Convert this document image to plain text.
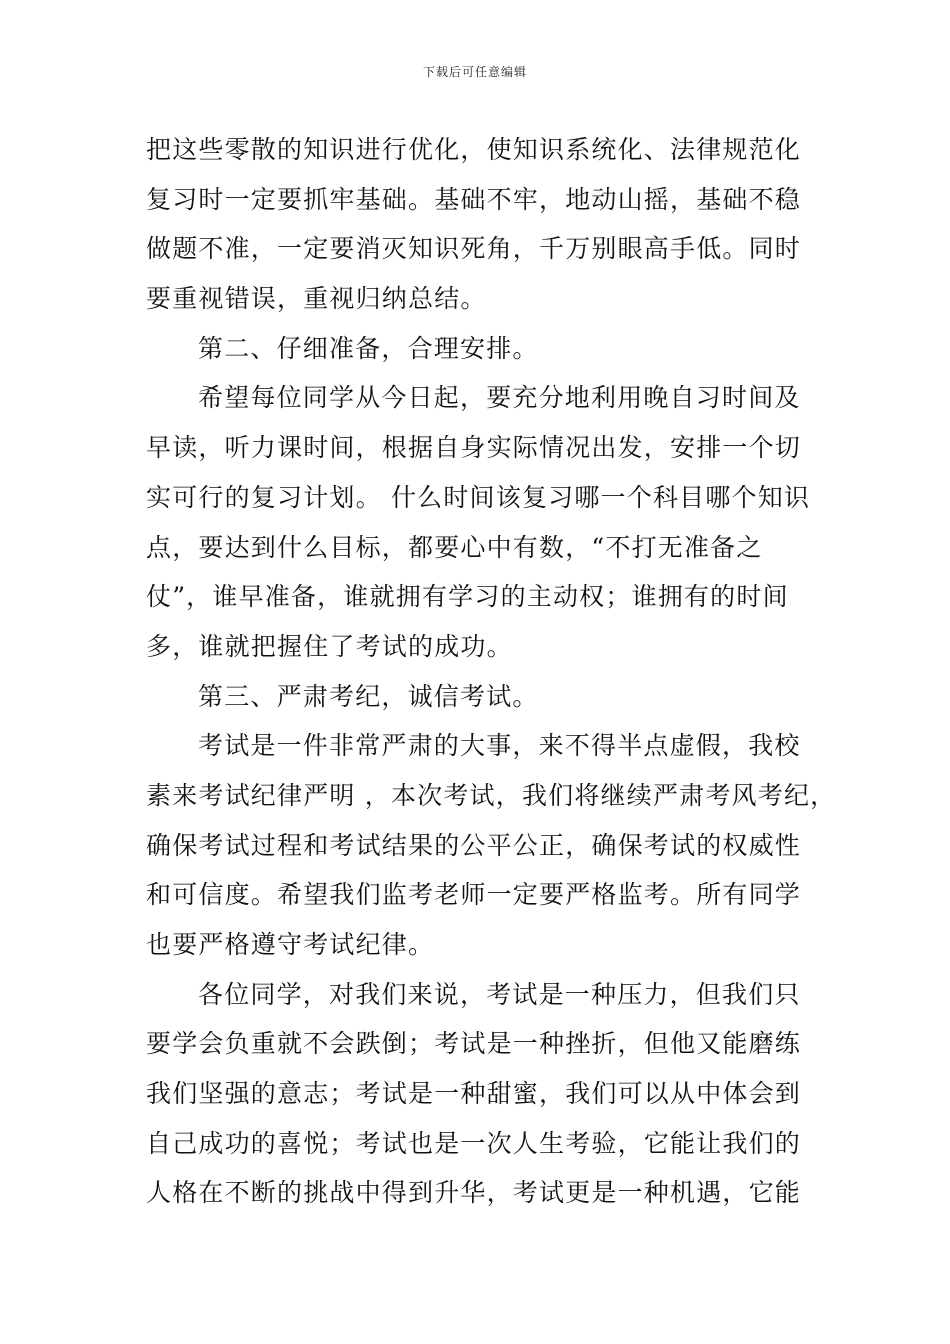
下载后可任意编辑
把这些零散的知识进行优化，使知识系统化、法律规范化
复习时一定要抓牢基础。基础不牢，地动山摇，基础不稳
做题不准，一定要消灭知识死角，千万别眼高手低。同时
要重视错误，重视归纳总结。
第二、仔细准备，合理安排。
希望每位同学从今日起，要充分地利用晚自习时间及
早读，听力课时间，根据自身实际情况出发，安排一个切
实可行的复习计划。 什么时间该复习哪一个科目哪个知识
点，要达到什么目标，都要心中有数，“不打无准备之
仗”，谁早准备，谁就拥有学习的主动权；谁拥有的时间
多，谁就把握住了考试的成功。
第三、严肃考纪，诚信考试。
考试是一件非常严肃的大事，来不得半点虚假，我校
素来考试纪律严明 ，本次考试，我们将继续严肃考风考纪，
确保考试过程和考试结果的公平公正，确保考试的权威性
和可信度。希望我们监考老师一定要严格监考。所有同学
也要严格遵守考试纪律。
各位同学，对我们来说，考试是一种压力，但我们只
要学会负重就不会跌倒；考试是一种挫折，但他又能磨练
我们坚强的意志；考试是一种甜蜜，我们可以从中体会到
自己成功的喜悦；考试也是一次人生考验，它能让我们的
人格在不断的挑战中得到升华，考试更是一种机遇，它能
